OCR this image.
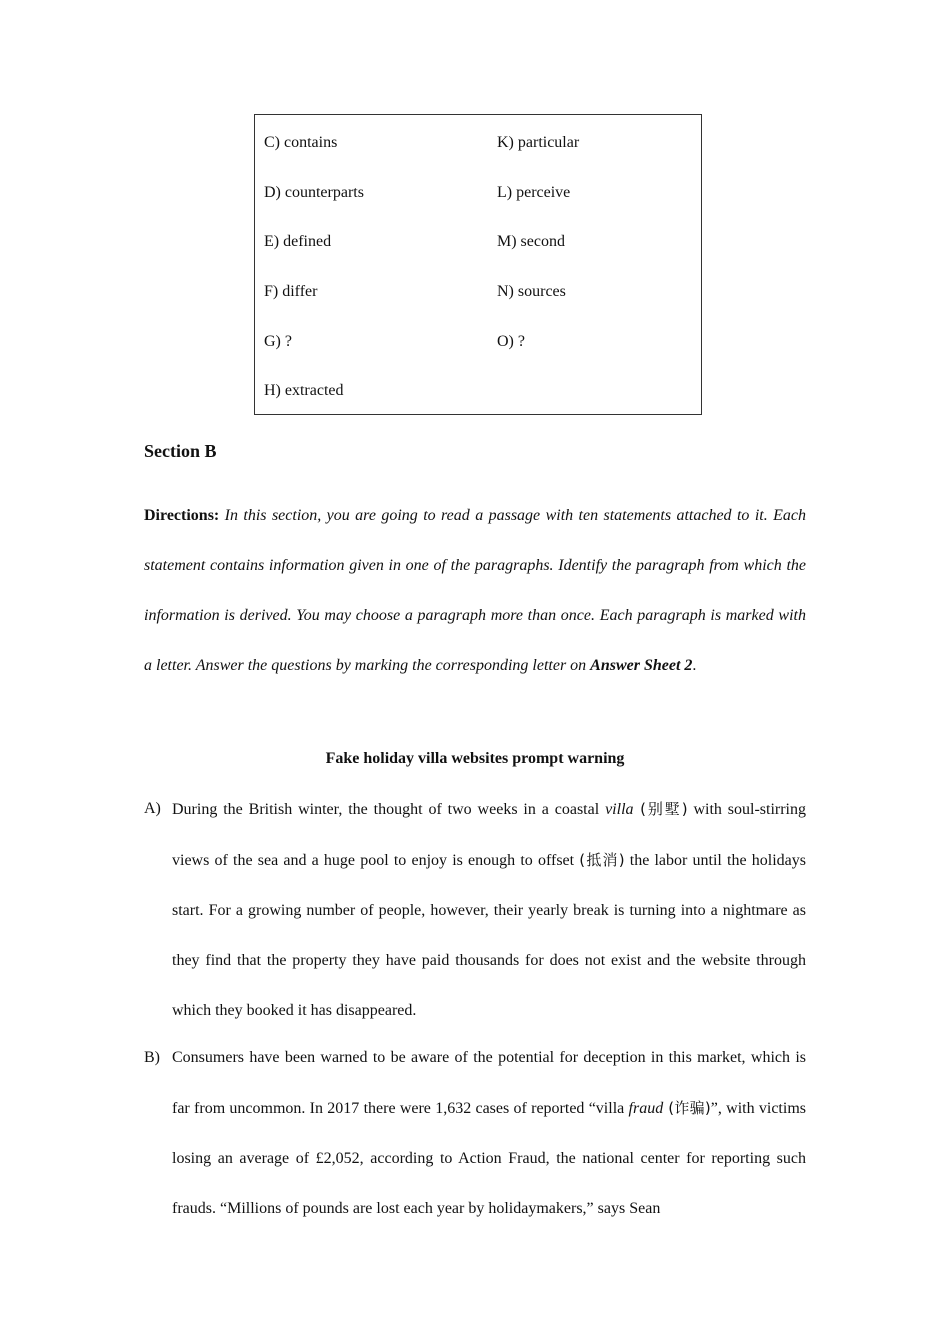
C) contains
D) counterparts
E) defined
F) differ
G) ?
H) extracted
K) particular
L) perceive
M) second
N) sources
O) ?
Section B

Directions: In this section, you are going to read a passage with ten statements attached to it. Each statement contains information given in one of the paragraphs. Identify the paragraph from which the information is derived. You may choose a paragraph more than once. Each paragraph is marked with a letter. Answer the questions by marking the corresponding letter on Answer Sheet 2.

Fake holiday villa websites prompt warning
A) During the British winter, the thought of two weeks in a coastal villa (别墅) with soul-stirring views of the sea and a huge pool to enjoy is enough to offset (抵消) the labor until the holidays start. For a growing number of people, however, their yearly break is turning into a nightmare as they find that the property they have paid thousands for does not exist and the website through which they booked it has disappeared.

B) Consumers have been warned to be aware of the potential for deception in this market, which is far from uncommon. In 2017 there were 1,632 cases of reported “villa fraud (诈骗)”, with victims losing an average of £2,052, according to Action Fraud, the national center for reporting such frauds. “Millions of pounds are lost each year by holidaymakers,” says Sean
